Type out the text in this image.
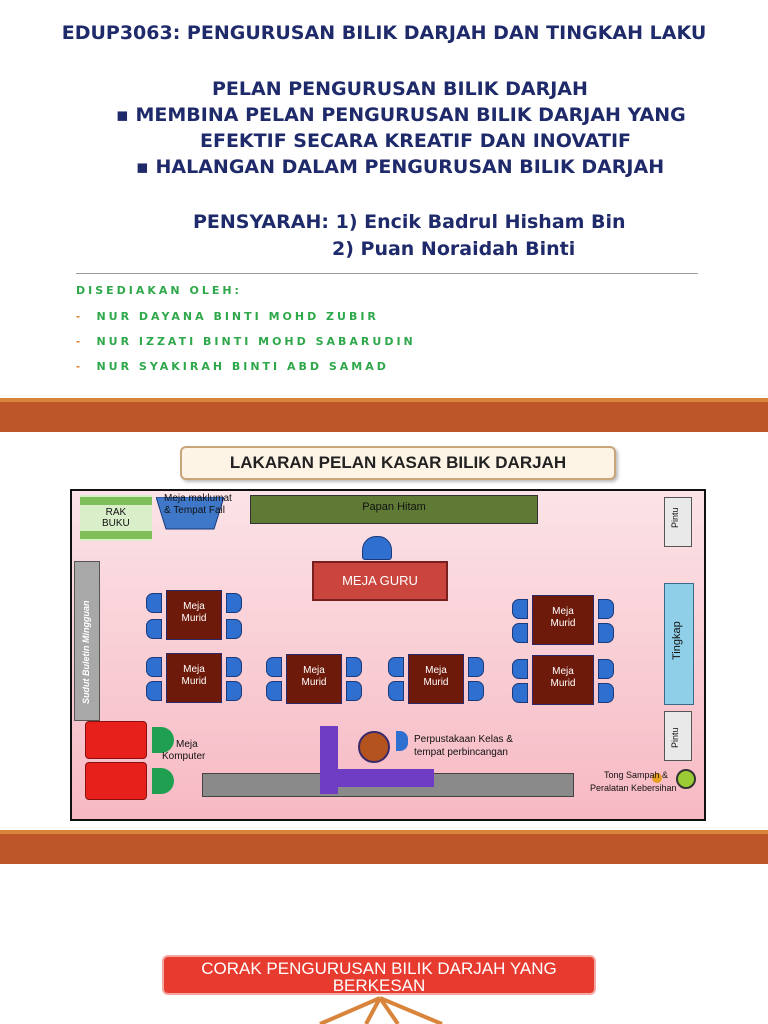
EDUP3063: PENGURUSAN BILIK DARJAH DAN TINGKAH LAKU
PELAN PENGURUSAN BILIK DARJAH
▪ MEMBINA PELAN PENGURUSAN BILIK DARJAH YANG
EFEKTIF SECARA KREATIF DAN INOVATIF
▪ HALANGAN DALAM PENGURUSAN BILIK DARJAH
PENSYARAH: 1) Encik Badrul Hisham Bin
2) Puan Noraidah Binti
DISEDIAKAN OLEH:
- NUR DAYANA BINTI MOHD ZUBIR
- NUR IZZATI BINTI MOHD SABARUDIN
- NUR SYAKIRAH BINTI ABD SAMAD
LAKARAN PELAN KASAR BILIK DARJAH
RAK
BUKU
Meja maklumat
& Tempat Fail	Papan Hitam
Pintu
MEJA GURU
Sudut Buletin Mingguan	Tingkap
Meja
Murid
Meja
Murid
Meja
Murid
Meja
Murid
Meja
Murid
Meja
Murid
Pintu
Meja
Komputer
Perpustakaan Kelas &
tempat perbincangan
Tong Sampah &
Peralatan Kebersihan
CORAK PENGURUSAN BILIK DARJAH YANG
BERKESAN
